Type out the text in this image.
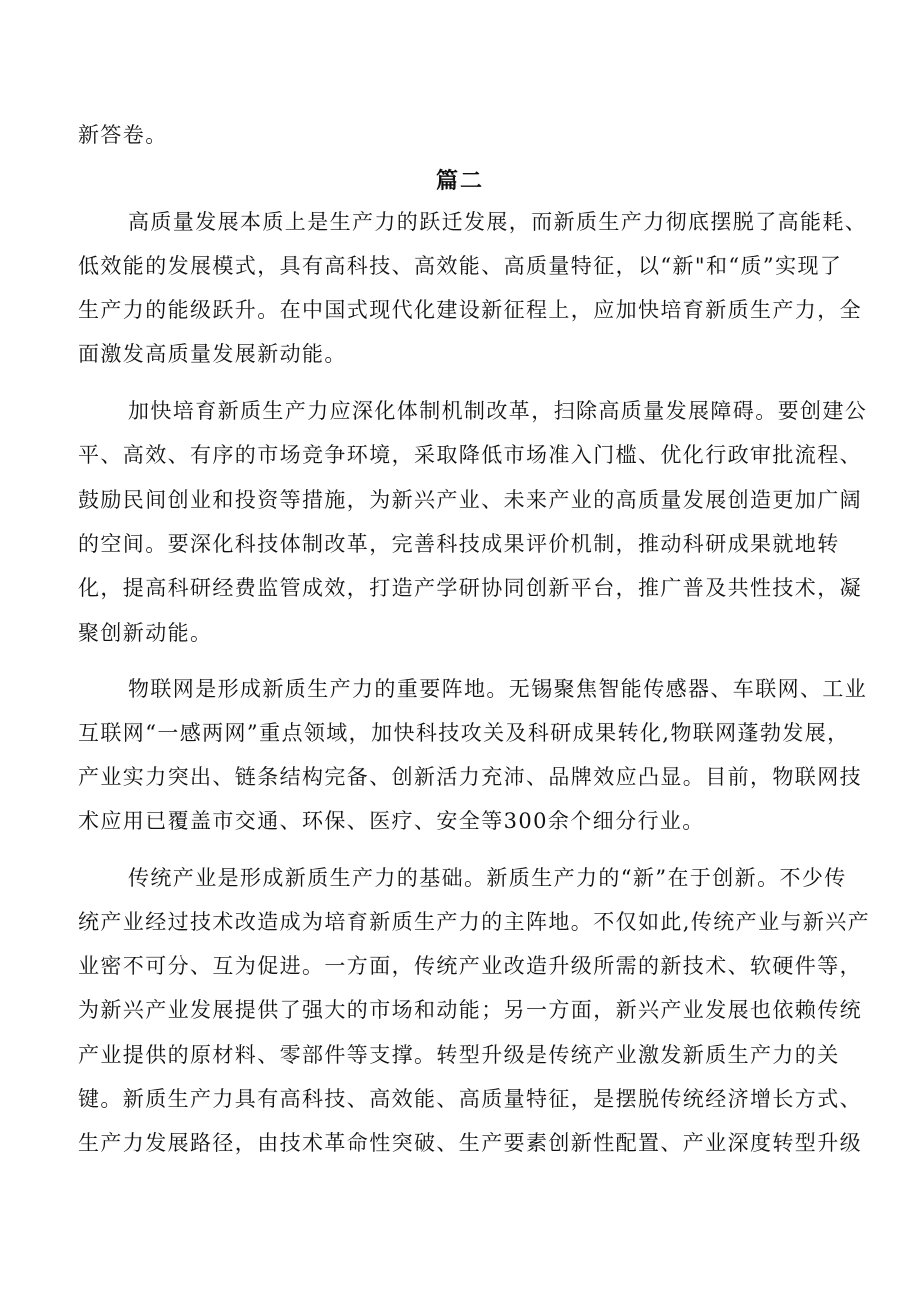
新答卷。
篇二
高质量发展本质上是生产力的跃迁发展，而新质生产力彻底摆脱了高能耗、
低效能的发展模式，具有高科技、高效能、高质量特征，以“新"和“质”实现了
生产力的能级跃升。在中国式现代化建设新征程上，应加快培育新质生产力，全
面激发高质量发展新动能。
加快培育新质生产力应深化体制机制改革，扫除高质量发展障碍。要创建公
平、高效、有序的市场竞争环境，采取降低市场准入门槛、优化行政审批流程、
鼓励民间创业和投资等措施，为新兴产业、未来产业的高质量发展创造更加广阔
的空间。要深化科技体制改革，完善科技成果评价机制，推动科研成果就地转
化，提高科研经费监管成效，打造产学研协同创新平台，推广普及共性技术，凝
聚创新动能。
物联网是形成新质生产力的重要阵地。无锡聚焦智能传感器、车联网、工业
互联网“一感两网”重点领域，加快科技攻关及科研成果转化,物联网蓬勃发展，
产业实力突出、链条结构完备、创新活力充沛、品牌效应凸显。目前，物联网技
术应用已覆盖市交通、环保、医疗、安全等300余个细分行业。
传统产业是形成新质生产力的基础。新质生产力的“新”在于创新。不少传
统产业经过技术改造成为培育新质生产力的主阵地。不仅如此,传统产业与新兴产
业密不可分、互为促进。一方面，传统产业改造升级所需的新技术、软硬件等，
为新兴产业发展提供了强大的市场和动能；另一方面，新兴产业发展也依赖传统
产业提供的原材料、零部件等支撑。转型升级是传统产业激发新质生产力的关
键。新质生产力具有高科技、高效能、高质量特征，是摆脱传统经济增长方式、
生产力发展路径，由技术革命性突破、生产要素创新性配置、产业深度转型升级
